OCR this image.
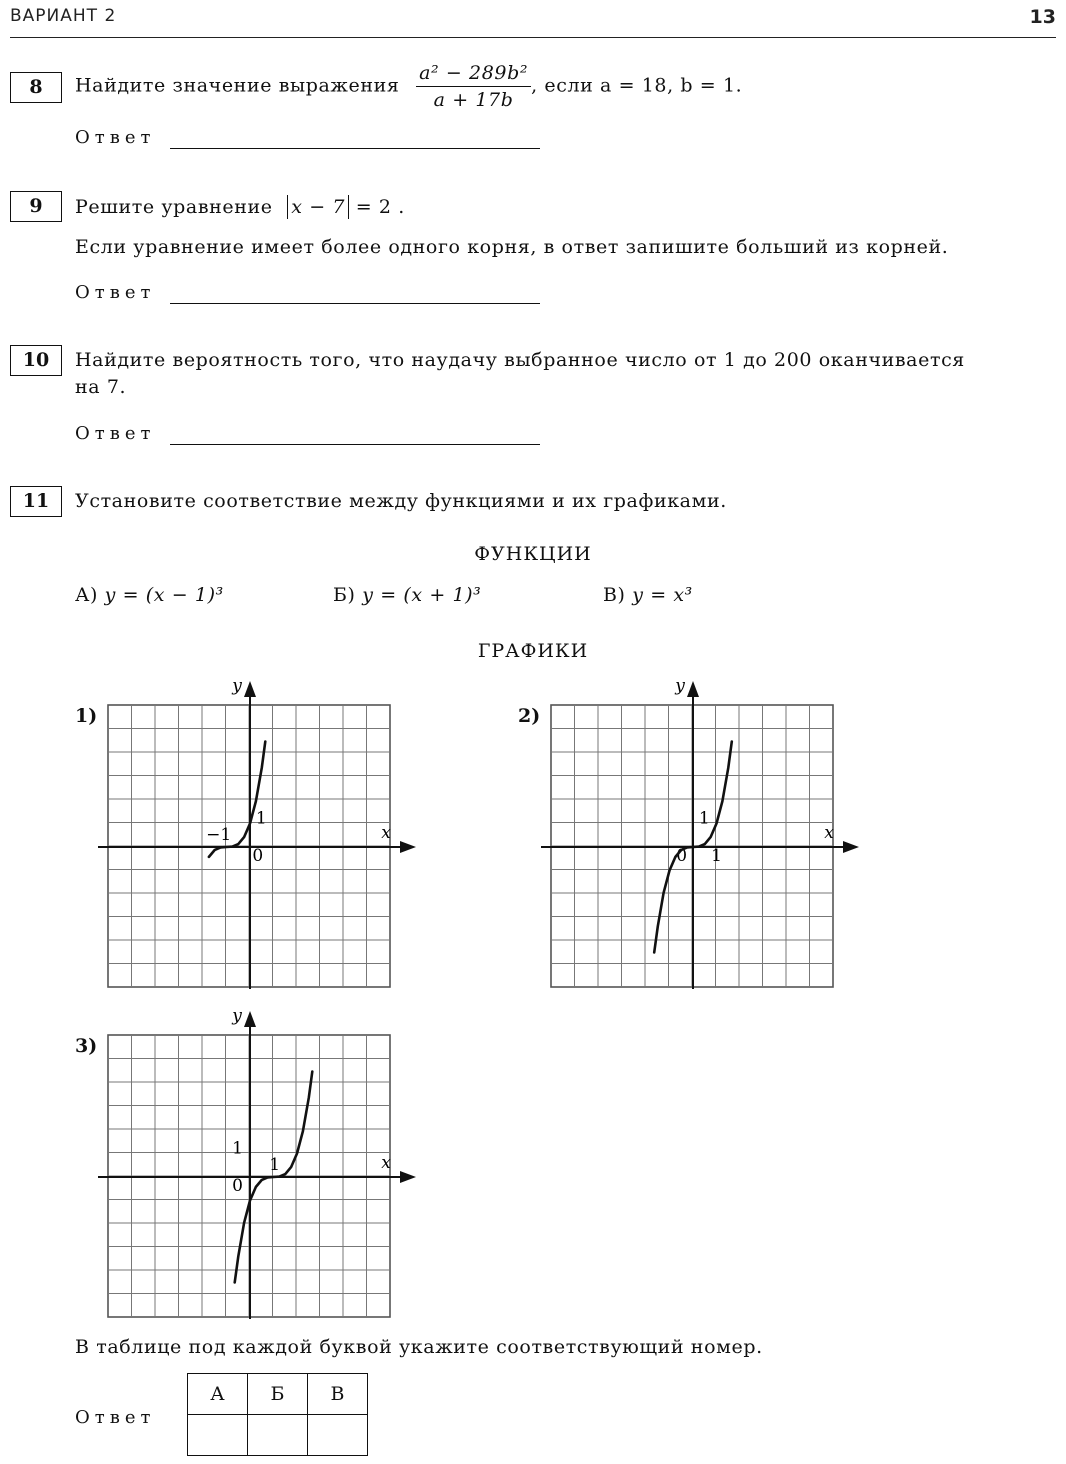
ВАРИАНТ 2	13
8	Найдите значение выражения $\frac{\text{a² − 289b²}}{a + 17b}$ , если a = 18, b = 1.
Ответ
9	Решите уравнение x − 7 = 2 .
Если уравнение имеет более одного корня, в ответ запишите больший из корней.
Ответ
10	Найдите вероятность того, что наудачу выбранное число от 1 до 200 оканчивается
на 7.
Ответ
11	Установите соответствие между функциями и их графиками.
ФУНКЦИИ
А) y = (x − 1)³	Б) y = (x + 1)³	В) y = x³
ГРАФИКИ
1)	2)
3)
x
y
−1
1
0
x
y
1
0 1
x
y
1
1
0
В таблице под каждой буквой укажите соответствующий номер.
Ответ
А	Б	В
